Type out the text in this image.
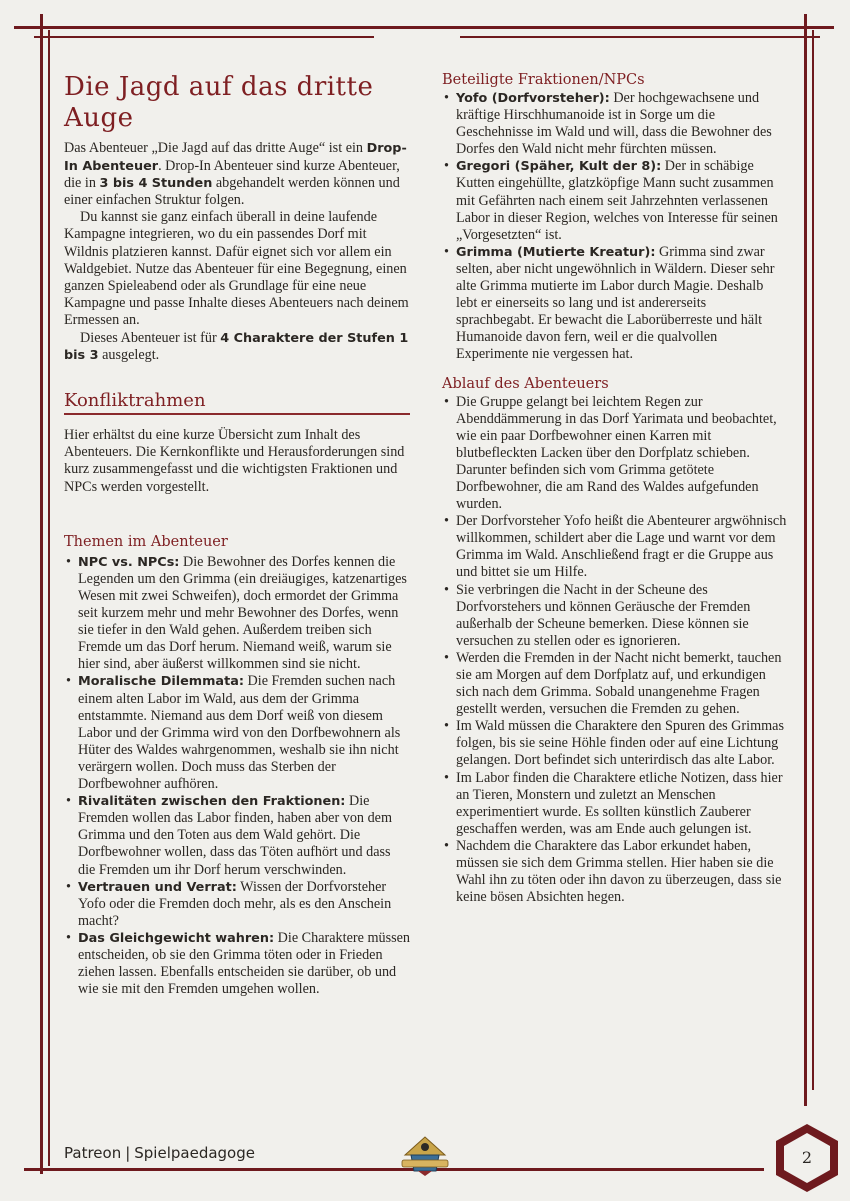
Die Jagd auf das dritte Auge

Das Abenteuer „Die Jagd auf das dritte Auge“ ist ein Drop-In Abenteuer. Drop-In Abenteuer sind kurze Abenteuer, die in 3 bis 4 Stunden abgehandelt werden können und einer einfachen Struktur folgen.

Du kannst sie ganz einfach überall in deine laufende Kampagne integrieren, wo du ein passendes Dorf mit Wildnis platzieren kannst. Dafür eignet sich vor allem ein Waldgebiet. Nutze das Abenteuer für eine Begegnung, einen ganzen Spieleabend oder als Grundlage für eine neue Kampagne und passe Inhalte dieses Abenteuers nach deinem Ermessen an.

Dieses Abenteuer ist für 4 Charaktere der Stufen 1 bis 3 ausgelegt.

Konfliktrahmen

Hier erhältst du eine kurze Übersicht zum Inhalt des Abenteuers. Die Kernkonflikte und Herausforderungen sind kurz zusammengefasst und die wichtigsten Fraktionen und NPCs werden vorgestellt.

Themen im Abenteuer
• NPC vs. NPCs: Die Bewohner des Dorfes kennen die Legenden um den Grimma (ein dreiäugiges, katzenartiges Wesen mit zwei Schweifen), doch ermordet der Grimma seit kurzem mehr und mehr Bewohner des Dorfes, wenn sie tiefer in den Wald gehen. Außerdem treiben sich Fremde um das Dorf herum. Niemand weiß, warum sie hier sind, aber äußerst willkommen sind sie nicht.
• Moralische Dilemmata: Die Fremden suchen nach einem alten Labor im Wald, aus dem der Grimma entstammte. Niemand aus dem Dorf weiß von diesem Labor und der Grimma wird von den Dorfbewohnern als Hüter des Waldes wahrgenommen, weshalb sie ihn nicht verärgern wollen. Doch muss das Sterben der Dorfbewohner aufhören.
• Rivalitäten zwischen den Fraktionen: Die Fremden wollen das Labor finden, haben aber von dem Grimma und den Toten aus dem Wald gehört. Die Dorfbewohner wollen, dass das Töten aufhört und dass die Fremden um ihr Dorf herum verschwinden.
• Vertrauen und Verrat: Wissen der Dorfvorsteher Yofo oder die Fremden doch mehr, als es den Anschein macht?
• Das Gleichgewicht wahren: Die Charaktere müssen entscheiden, ob sie den Grimma töten oder in Frieden ziehen lassen. Ebenfalls entscheiden sie darüber, ob und wie sie mit den Fremden umgehen wollen.
Beteiligte Fraktionen/NPCs
• Yofo (Dorfvorsteher): Der hochgewachsene und kräftige Hirschhumanoide ist in Sorge um die Geschehnisse im Wald und will, dass die Bewohner des Dorfes den Wald nicht mehr fürchten müssen.
• Gregori (Späher, Kult der 8): Der in schäbige Kutten eingehüllte, glatzköpfige Mann sucht zusammen mit Gefährten nach einem seit Jahrzehnten verlassenen Labor in dieser Region, welches von Interesse für seinen „Vorgesetzten“ ist.
• Grimma (Mutierte Kreatur): Grimma sind zwar selten, aber nicht ungewöhnlich in Wäldern. Dieser sehr alte Grimma mutierte im Labor durch Magie. Deshalb lebt er einerseits so lang und ist andererseits sprachbegabt. Er bewacht die Laborüberreste und hält Humanoide davon fern, weil er die qualvollen Experimente nie vergessen hat.
Ablauf des Abenteuers
• Die Gruppe gelangt bei leichtem Regen zur Abenddämmerung in das Dorf Yarimata und beobachtet, wie ein paar Dorfbewohner einen Karren mit blutbefleckten Lacken über den Dorfplatz schieben. Darunter befinden sich vom Grimma getötete Dorfbewohner, die am Rand des Waldes aufgefunden wurden.
• Der Dorfvorsteher Yofo heißt die Abenteurer argwöhnisch willkommen, schildert aber die Lage und warnt vor dem Grimma im Wald. Anschließend fragt er die Gruppe aus und bittet sie um Hilfe.
• Sie verbringen die Nacht in der Scheune des Dorfvorstehers und können Geräusche der Fremden außerhalb der Scheune bemerken. Diese können sie versuchen zu stellen oder es ignorieren.
• Werden die Fremden in der Nacht nicht bemerkt, tauchen sie am Morgen auf dem Dorfplatz auf, und erkundigen sich nach dem Grimma. Sobald unangenehme Fragen gestellt werden, versuchen die Fremden zu gehen.
• Im Wald müssen die Charaktere den Spuren des Grimmas folgen, bis sie seine Höhle finden oder auf eine Lichtung gelangen. Dort befindet sich unterirdisch das alte Labor.
• Im Labor finden die Charaktere etliche Notizen, dass hier an Tieren, Monstern und zuletzt an Menschen experimentiert wurde. Es sollten künstlich Zauberer geschaffen werden, was am Ende auch gelungen ist.
• Nachdem die Charaktere das Labor erkundet haben, müssen sie sich dem Grimma stellen. Hier haben sie die Wahl ihn zu töten oder ihn davon zu überzeugen, dass sie keine bösen Absichten hegen.
Patreon | Spielpaedagoge	2
